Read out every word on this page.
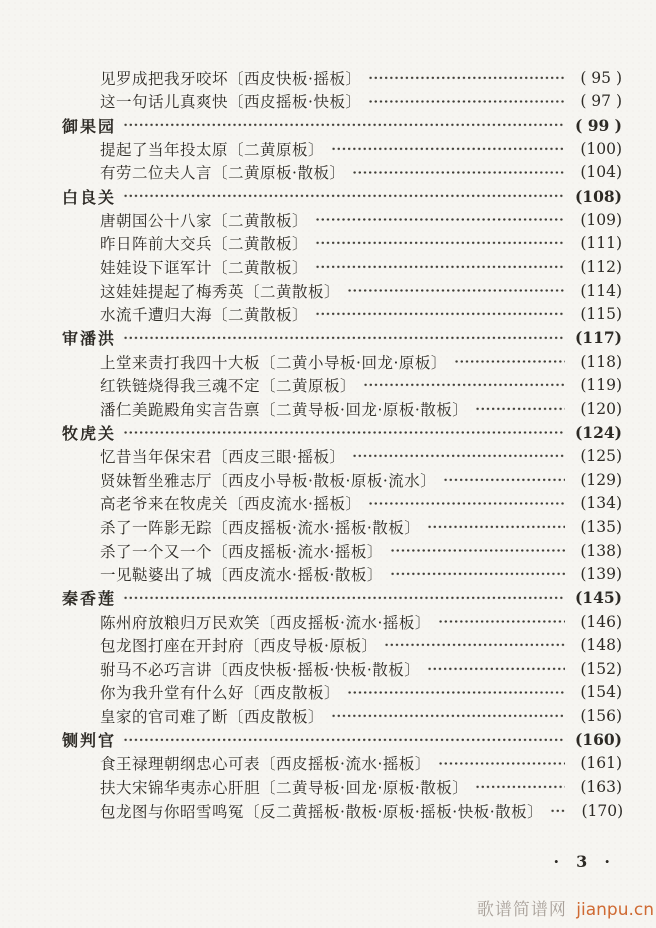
见罗成把我牙咬坏〔西皮快板·摇板〕	( 95 )
这一句话儿真爽快〔西皮摇板·快板〕	( 97 )
御果园	( 99 )
提起了当年投太原〔二黄原板〕	(100)
有劳二位夫人言〔二黄原板·散板〕	(104)
白良关	(108)
唐朝国公十八家〔二黄散板〕	(109)
昨日阵前大交兵〔二黄散板〕	(111)
娃娃设下诓军计〔二黄散板〕	(112)
这娃娃提起了梅秀英〔二黄散板〕	(114)
水流千遭归大海〔二黄散板〕	(115)
审潘洪	(117)
上堂来责打我四十大板〔二黄小导板·回龙·原板〕	(118)
红铁链烧得我三魂不定〔二黄原板〕	(119)
潘仁美跪殿角实言告禀〔二黄导板·回龙·原板·散板〕	(120)
牧虎关	(124)
忆昔当年保宋君〔西皮三眼·摇板〕	(125)
贤妹暂坐雅志厅〔西皮小导板·散板·原板·流水〕	(129)
高老爷来在牧虎关〔西皮流水·摇板〕	(134)
杀了一阵影无踪〔西皮摇板·流水·摇板·散板〕	(135)
杀了一个又一个〔西皮摇板·流水·摇板〕	(138)
一见鞑婆出了城〔西皮流水·摇板·散板〕	(139)
秦香莲	(145)
陈州府放粮归万民欢笑〔西皮摇板·流水·摇板〕	(146)
包龙图打座在开封府〔西皮导板·原板〕	(148)
驸马不必巧言讲〔西皮快板·摇板·快板·散板〕	(152)
你为我升堂有什么好〔西皮散板〕	(154)
皇家的官司难了断〔西皮散板〕	(156)
铡判官	(160)
食王禄理朝纲忠心可表〔西皮摇板·流水·摇板〕	(161)
扶大宋锦华夷赤心肝胆〔二黄导板·回龙·原板·散板〕	(163)
包龙图与你昭雪鸣冤〔反二黄摇板·散板·原板·摇板·快板·散板〕	(170)
·  3  ·
歌谱简谱网 jianpu.cn
